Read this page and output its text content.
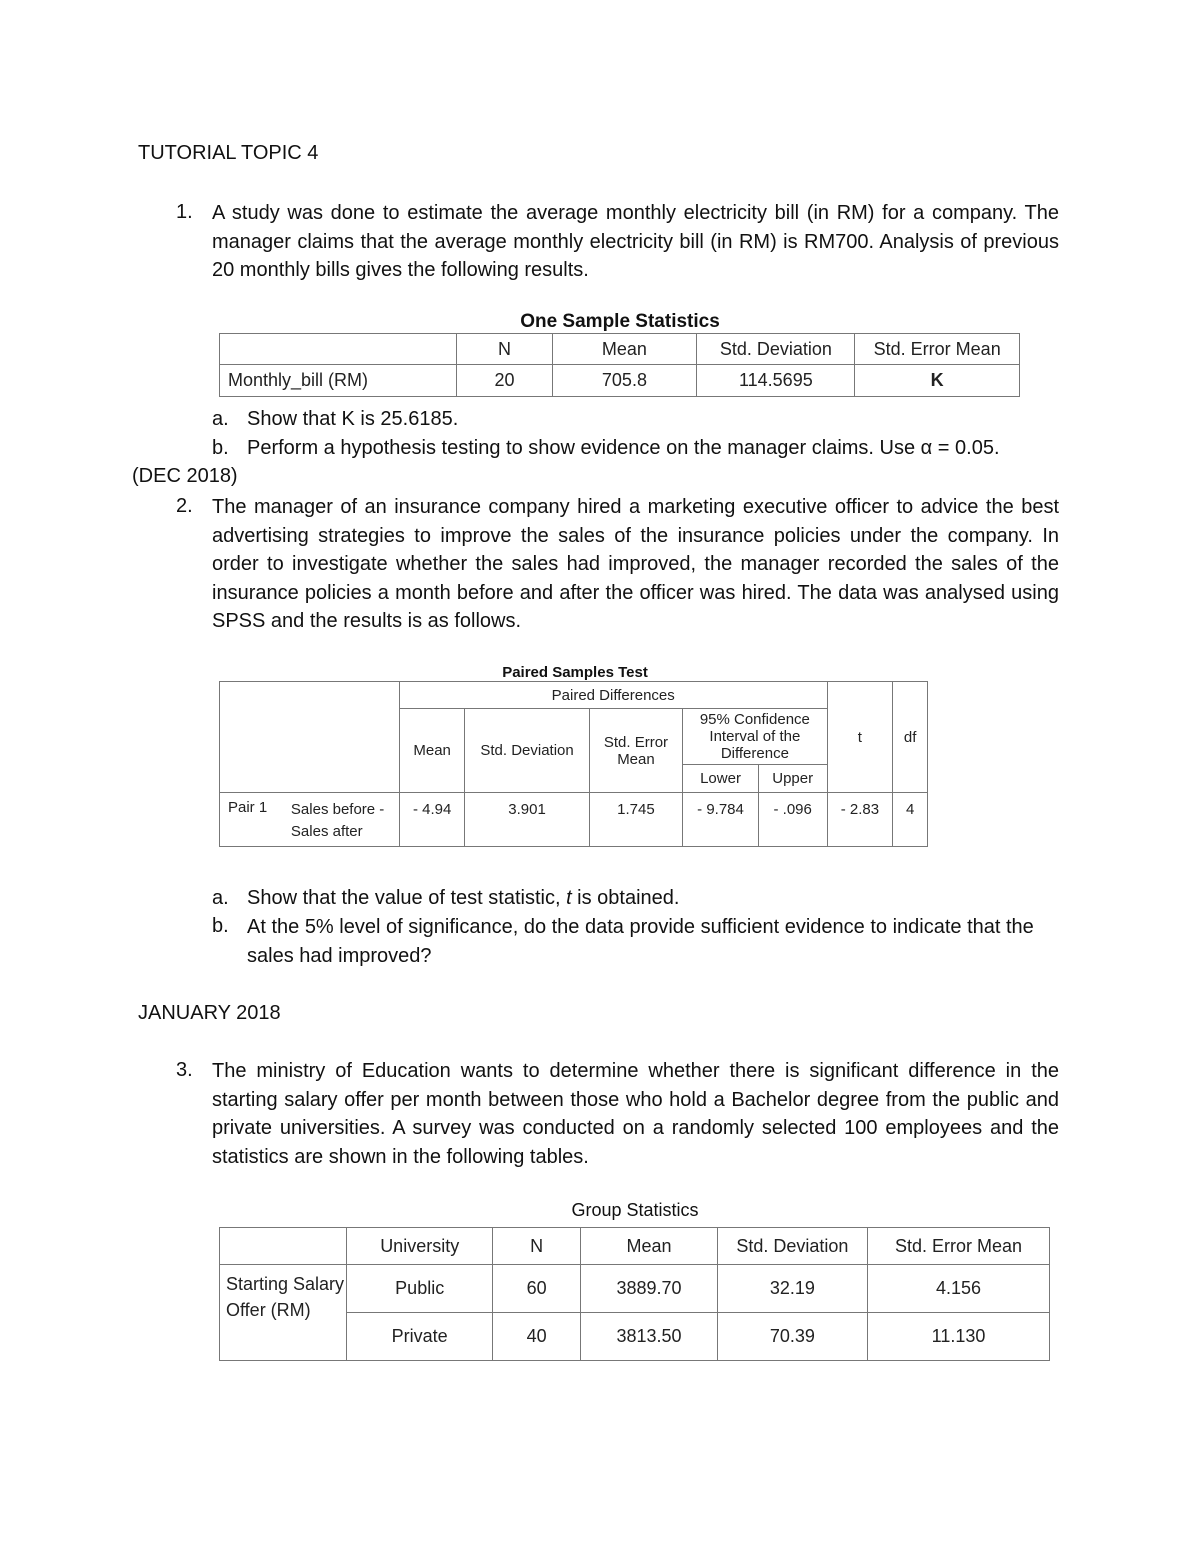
TUTORIAL TOPIC 4
1. A study was done to estimate the average monthly electricity bill (in RM) for a company. The manager claims that the average monthly electricity bill (in RM) is RM700. Analysis of previous 20 monthly bills gives the following results.
One Sample Statistics
	N	Mean	Std. Deviation	Std. Error Mean
Monthly_bill (RM)	20	705.8	114.5695	K
a. Show that K is 25.6185.
b. Perform a hypothesis testing to show evidence on the manager claims. Use α = 0.05.
(DEC 2018)
2. The manager of an insurance company hired a marketing executive officer to advice the best advertising strategies to improve the sales of the insurance policies under the company. In order to investigate whether the sales had improved, the manager recorded the sales of the insurance policies a month before and after the officer was hired. The data was analysed using SPSS and the results is as follows.
Paired Samples Test
		Paired Differences					t	df
		Mean	Std. Deviation	Std. Error Mean	95% Confidence Interval of the Difference			
					Lower	Upper		
Pair 1	Sales before - Sales after	- 4.94	3.901	1.745	- 9.784	- .096	- 2.83	4
a. Show that the value of test statistic, t is obtained.
b. At the 5% level of significance, do the data provide sufficient evidence to indicate that the sales had improved?
JANUARY 2018
3. The ministry of Education wants to determine whether there is significant difference in the starting salary offer per month between those who hold a Bachelor degree from the public and private universities. A survey was conducted on a randomly selected 100 employees and the statistics are shown in the following tables.
Group Statistics
	University	N	Mean	Std. Deviation	Std. Error Mean
Starting Salary Offer (RM)	Public	60	3889.70	32.19	4.156
	Private	40	3813.50	70.39	11.130
